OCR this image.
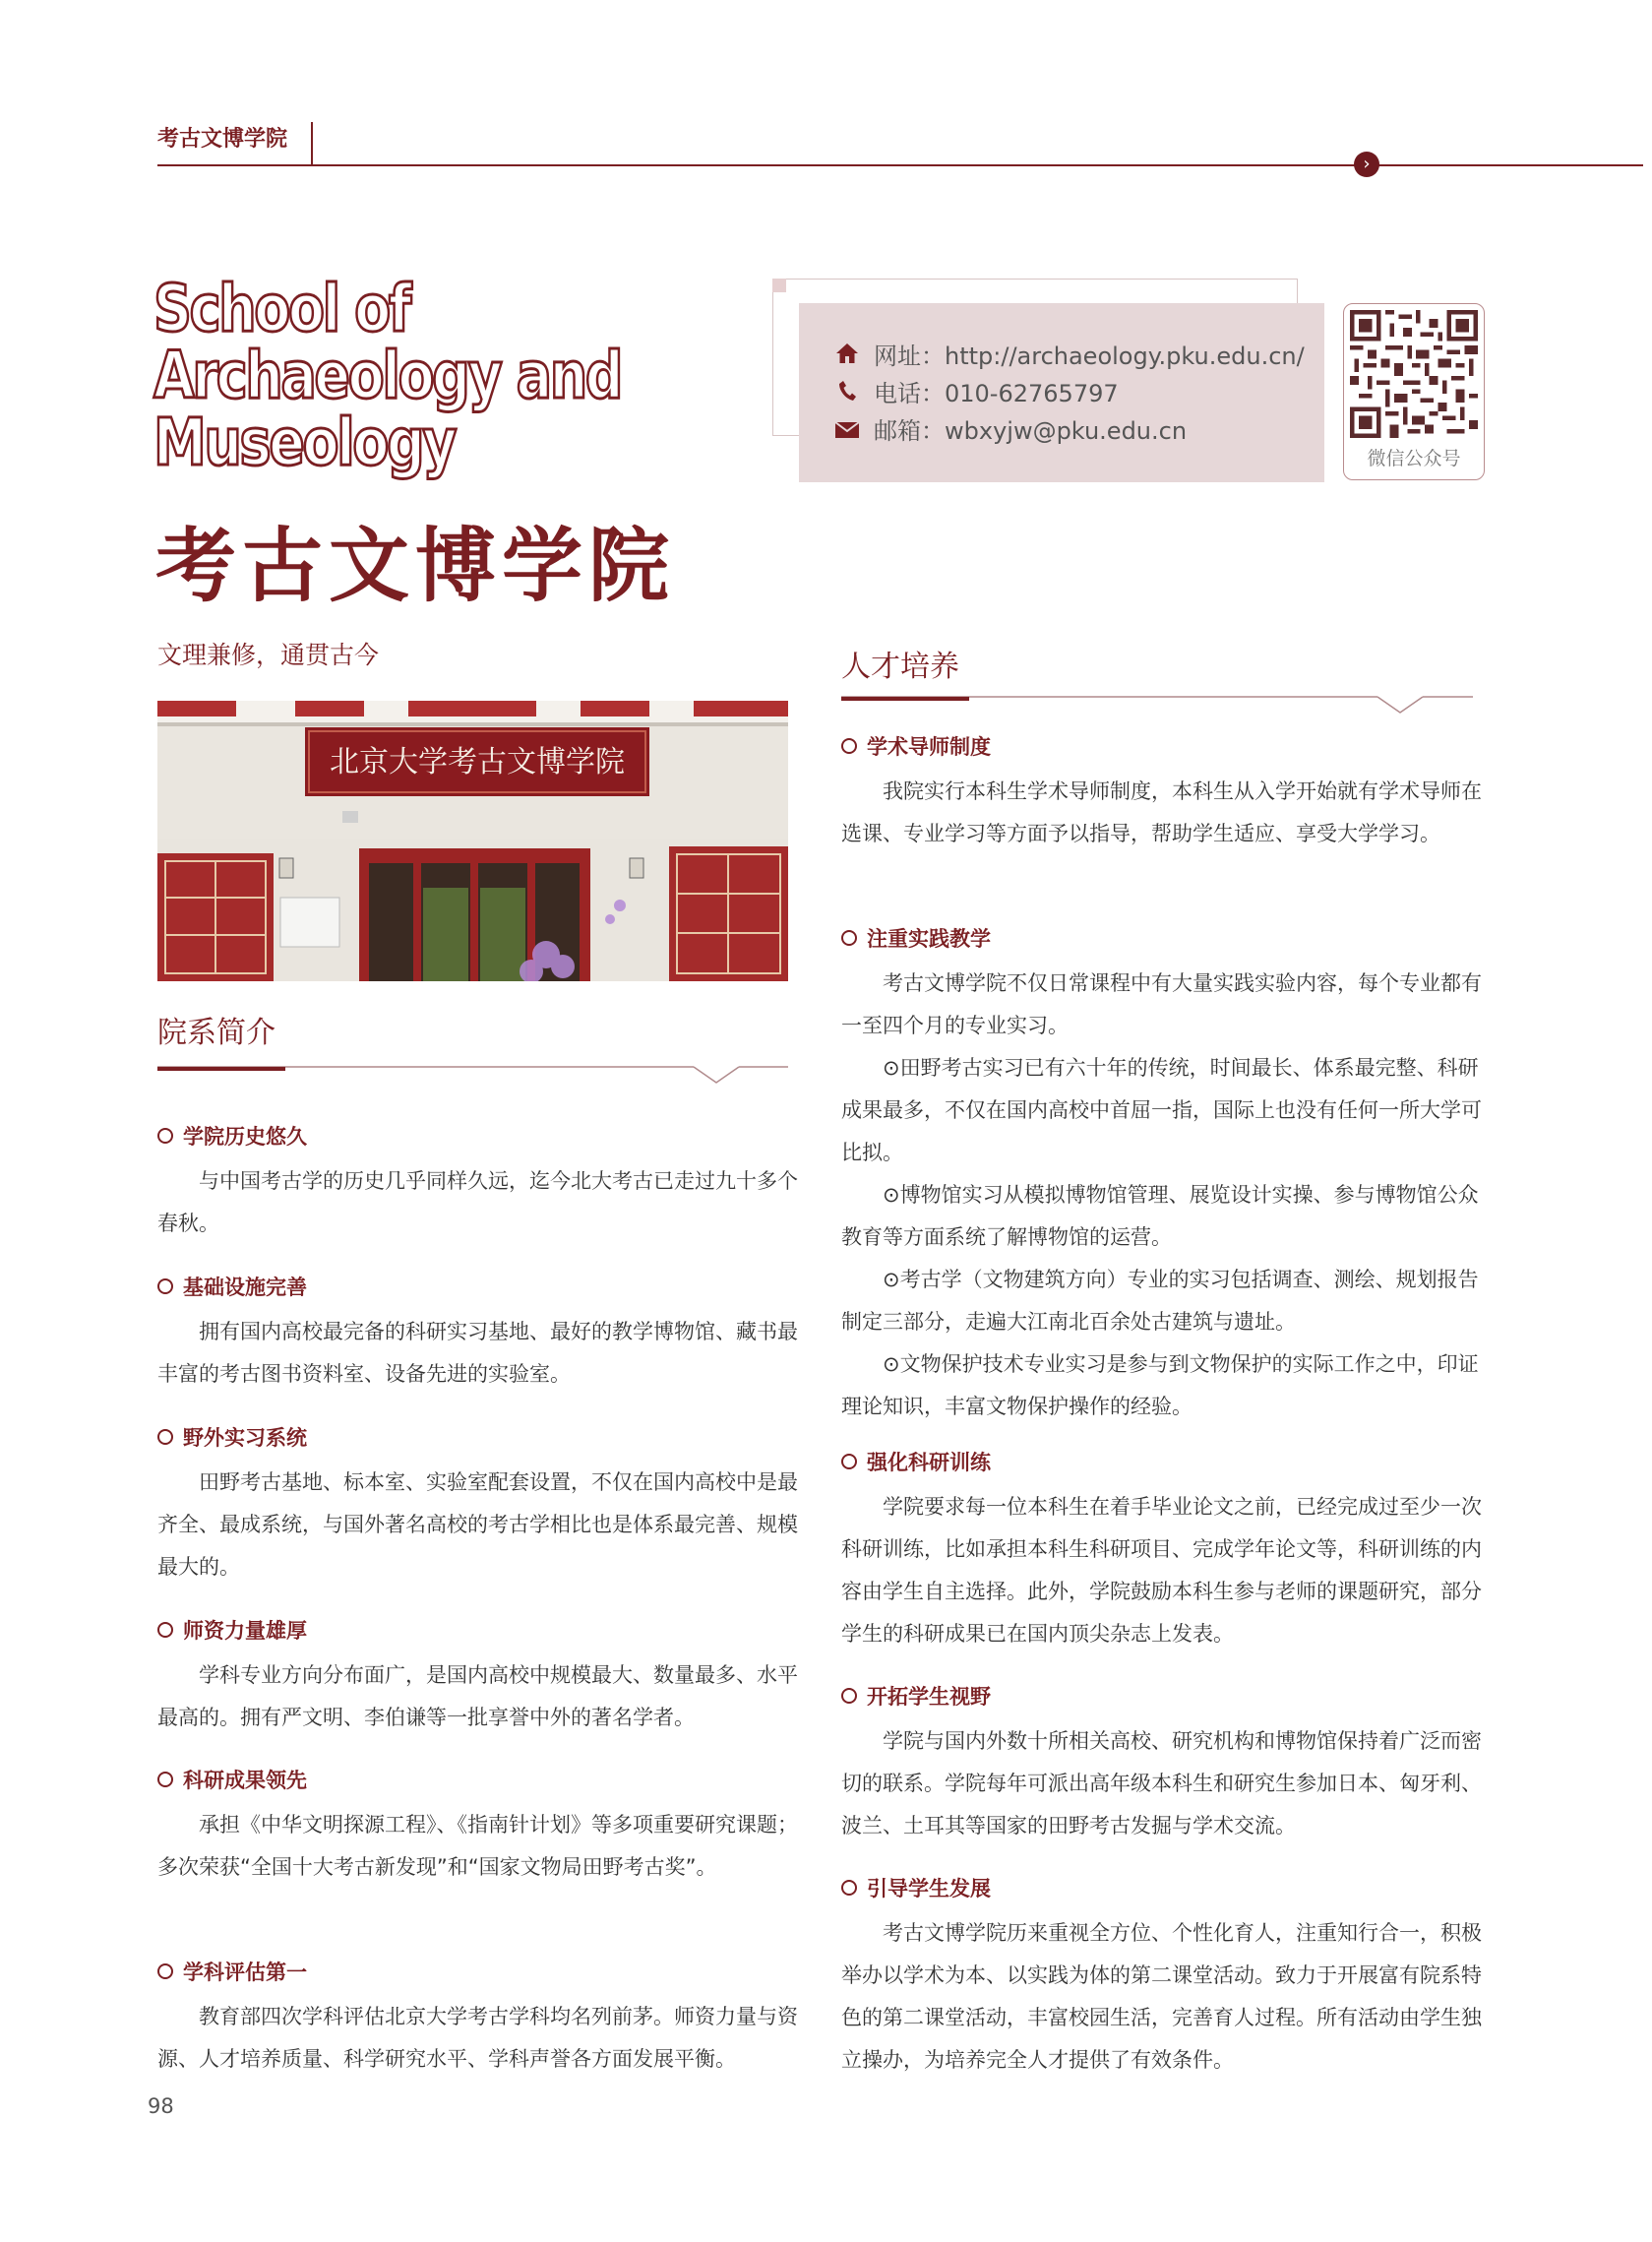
考古文博学院
›
School of
Archaeology and
Museology
考古文博学院
网址：http://archaeology.pku.edu.cn/
电话：010-62765797
邮箱：wbxyjw@pku.edu.cn
微信公众号
文理兼修，通贯古今
北京大学考古文博学院
院系简介
学院历史悠久
与中国考古学的历史几乎同样久远，迄今北大考古已走过九十多个春秋。
基础设施完善
拥有国内高校最完备的科研实习基地、最好的教学博物馆、藏书最丰富的考古图书资料室、设备先进的实验室。
野外实习系统
田野考古基地、标本室、实验室配套设置，不仅在国内高校中是最齐全、最成系统，与国外著名高校的考古学相比也是体系最完善、规模最大的。
师资力量雄厚
学科专业方向分布面广，是国内高校中规模最大、数量最多、水平最高的。拥有严文明、李伯谦等一批享誉中外的著名学者。
科研成果领先
承担《中华文明探源工程》、《指南针计划》等多项重要研究课题；多次荣获“全国十大考古新发现”和“国家文物局田野考古奖”。
学科评估第一
教育部四次学科评估北京大学考古学科均名列前茅。师资力量与资源、人才培养质量、科学研究水平、学科声誉各方面发展平衡。
人才培养
学术导师制度
我院实行本科生学术导师制度，本科生从入学开始就有学术导师在选课、专业学习等方面予以指导，帮助学生适应、享受大学学习。
注重实践教学
考古文博学院不仅日常课程中有大量实践实验内容，每个专业都有一至四个月的专业实习。
⊙田野考古实习已有六十年的传统，时间最长、体系最完整、科研成果最多，不仅在国内高校中首屈一指，国际上也没有任何一所大学可比拟。
⊙博物馆实习从模拟博物馆管理、展览设计实操、参与博物馆公众教育等方面系统了解博物馆的运营。
⊙考古学（文物建筑方向）专业的实习包括调查、测绘、规划报告制定三部分，走遍大江南北百余处古建筑与遗址。
⊙文物保护技术专业实习是参与到文物保护的实际工作之中，印证理论知识，丰富文物保护操作的经验。
强化科研训练
学院要求每一位本科生在着手毕业论文之前，已经完成过至少一次科研训练，比如承担本科生科研项目、完成学年论文等，科研训练的内容由学生自主选择。此外，学院鼓励本科生参与老师的课题研究，部分学生的科研成果已在国内顶尖杂志上发表。
开拓学生视野
学院与国内外数十所相关高校、研究机构和博物馆保持着广泛而密切的联系。学院每年可派出高年级本科生和研究生参加日本、匈牙利、波兰、土耳其等国家的田野考古发掘与学术交流。
引导学生发展
考古文博学院历来重视全方位、个性化育人，注重知行合一，积极举办以学术为本、以实践为体的第二课堂活动。致力于开展富有院系特色的第二课堂活动，丰富校园生活，完善育人过程。所有活动由学生独立操办，为培养完全人才提供了有效条件。
98
